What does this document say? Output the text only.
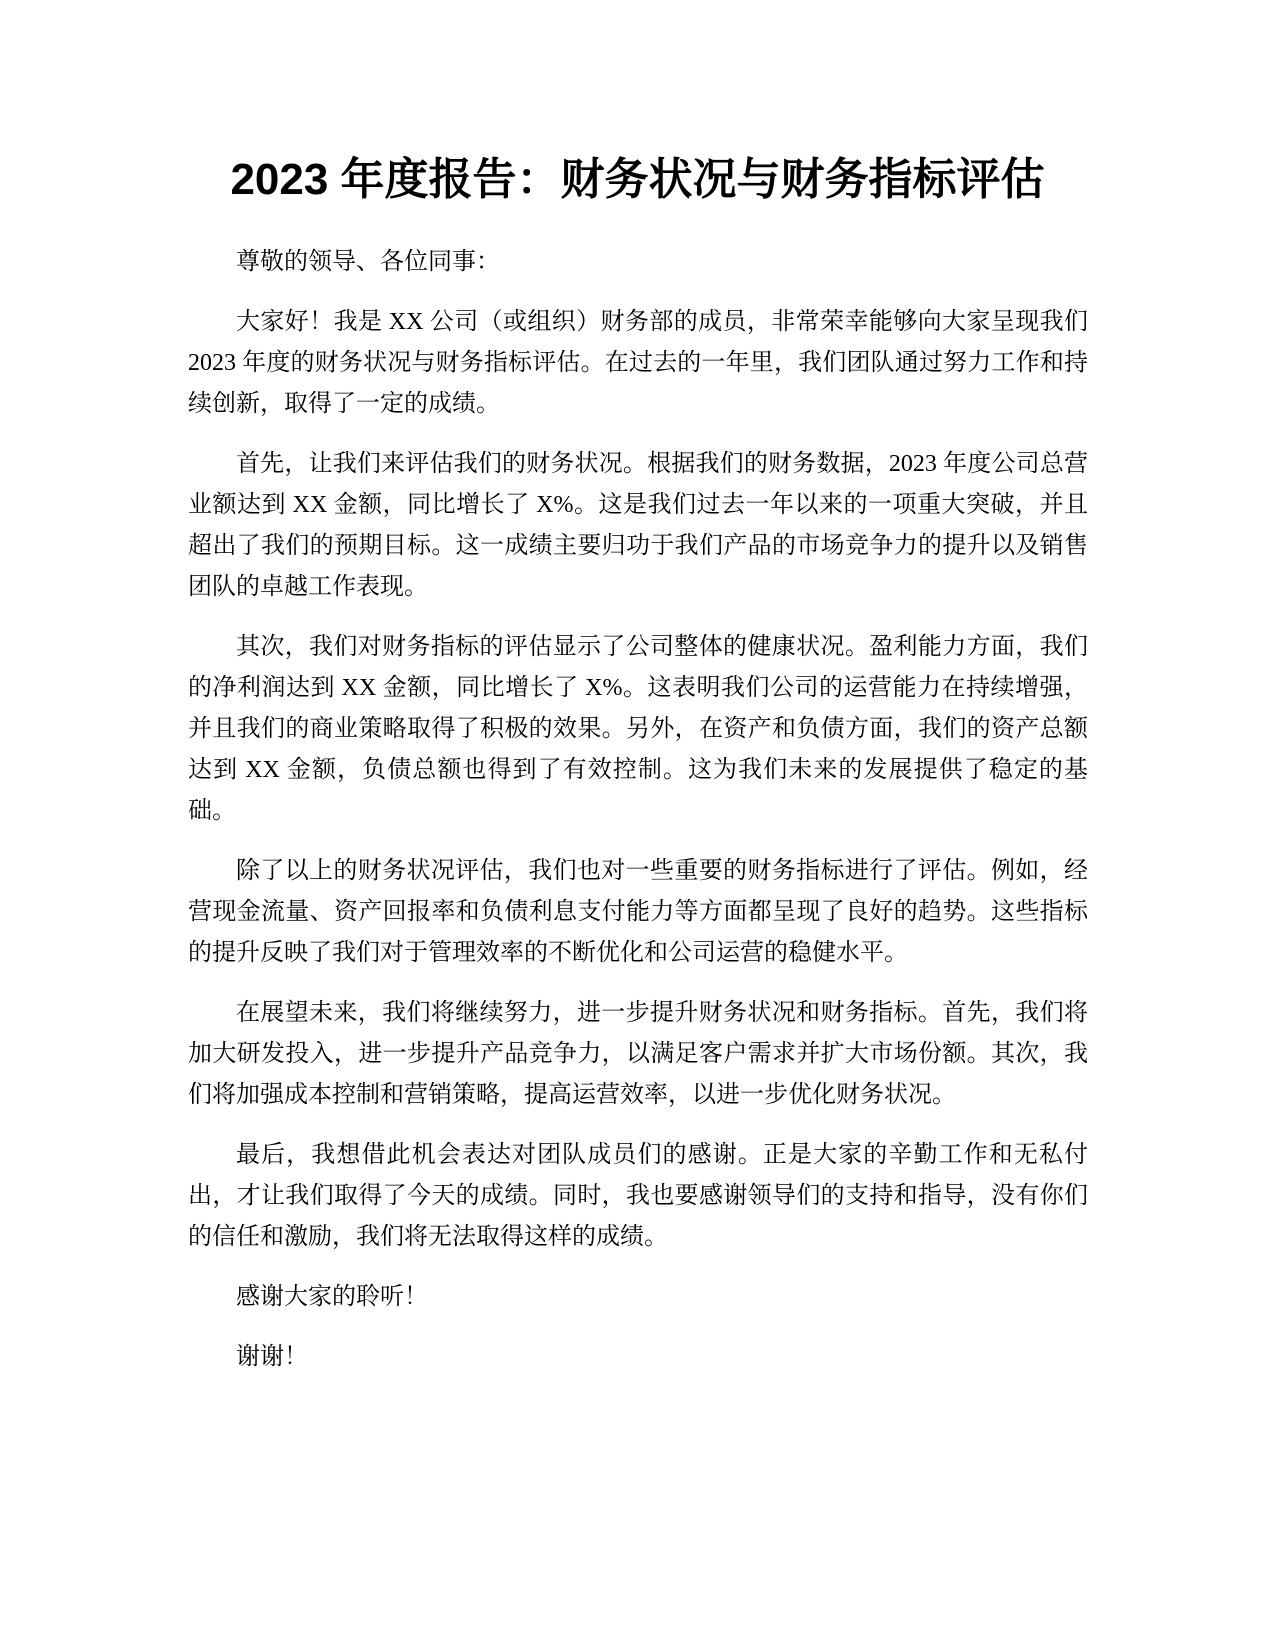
2023 年度报告：财务状况与财务指标评估

尊敬的领导、各位同事：

大家好！我是 XX 公司（或组织）财务部的成员，非常荣幸能够向大家呈现我们 2023 年度的财务状况与财务指标评估。在过去的一年里，我们团队通过努力工作和持续创新，取得了一定的成绩。

首先，让我们来评估我们的财务状况。根据我们的财务数据，2023 年度公司总营业额达到 XX 金额，同比增长了 X%。这是我们过去一年以来的一项重大突破，并且超出了我们的预期目标。这一成绩主要归功于我们产品的市场竞争力的提升以及销售团队的卓越工作表现。

其次，我们对财务指标的评估显示了公司整体的健康状况。盈利能力方面，我们的净利润达到 XX 金额，同比增长了 X%。这表明我们公司的运营能力在持续增强，并且我们的商业策略取得了积极的效果。另外，在资产和负债方面，我们的资产总额达到 XX 金额，负债总额也得到了有效控制。这为我们未来的发展提供了稳定的基础。

除了以上的财务状况评估，我们也对一些重要的财务指标进行了评估。例如，经营现金流量、资产回报率和负债利息支付能力等方面都呈现了良好的趋势。这些指标的提升反映了我们对于管理效率的不断优化和公司运营的稳健水平。

在展望未来，我们将继续努力，进一步提升财务状况和财务指标。首先，我们将加大研发投入，进一步提升产品竞争力，以满足客户需求并扩大市场份额。其次，我们将加强成本控制和营销策略，提高运营效率，以进一步优化财务状况。

最后，我想借此机会表达对团队成员们的感谢。正是大家的辛勤工作和无私付出，才让我们取得了今天的成绩。同时，我也要感谢领导们的支持和指导，没有你们的信任和激励，我们将无法取得这样的成绩。

感谢大家的聆听！

谢谢！
